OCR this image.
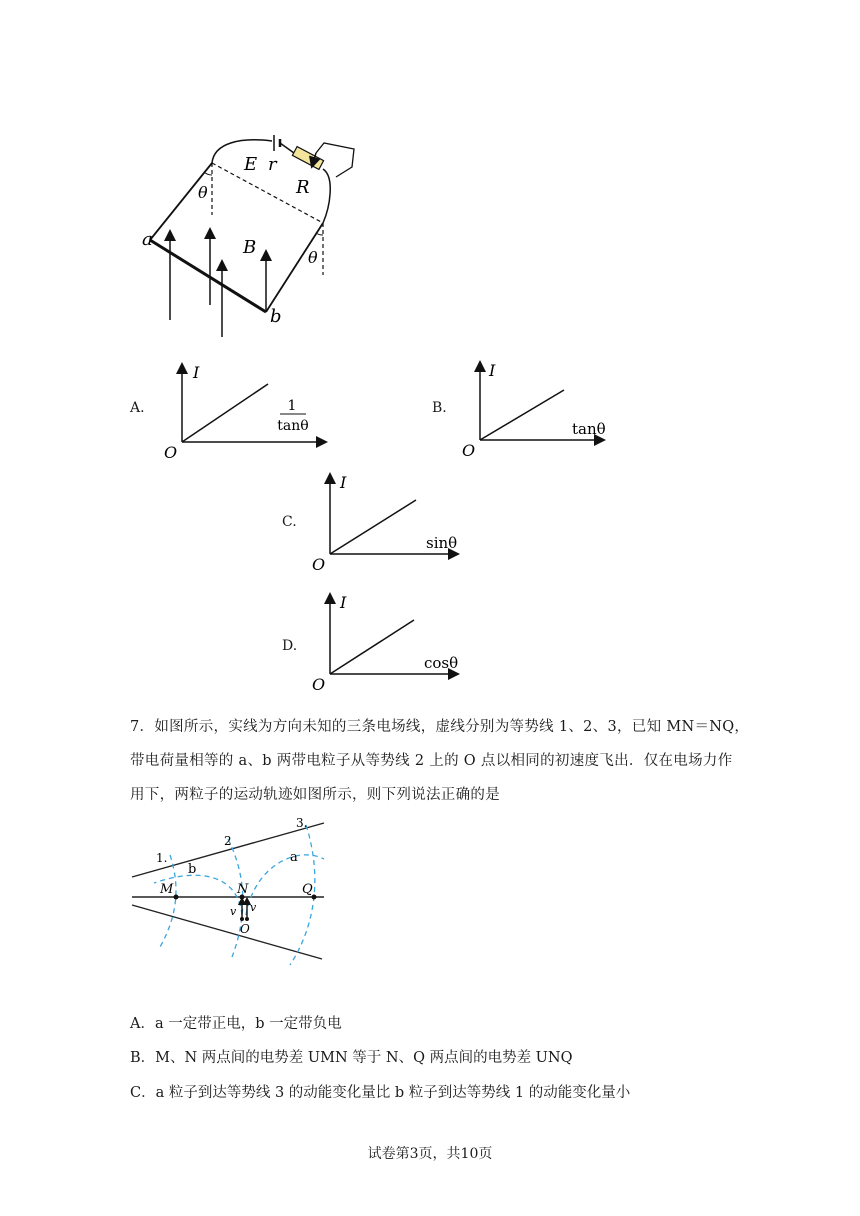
E r
R
θ
θ
a
b
B
A.
I
O
1
tanθ
B.
I
O
tanθ
C.
I
O
sinθ
D.
I
O
cosθ
7．如图所示，实线为方向未知的三条电场线，虚线分别为等势线 1、2、3，已知 MN＝NQ，
带电荷量相等的 a、b 两带电粒子从等势线 2 上的 O 点以相同的初速度飞出．仅在电场力作
用下，两粒子的运动轨迹如图所示，则下列说法正确的是
1.
2
3.
b
a
M	N	Q
v v
O
A．a 一定带正电，b 一定带负电
B．M、N 两点间的电势差 UMN 等于 N、Q 两点间的电势差 UNQ
C．a 粒子到达等势线 3 的动能变化量比 b 粒子到达等势线 1 的动能变化量小
试卷第3页，共10页
